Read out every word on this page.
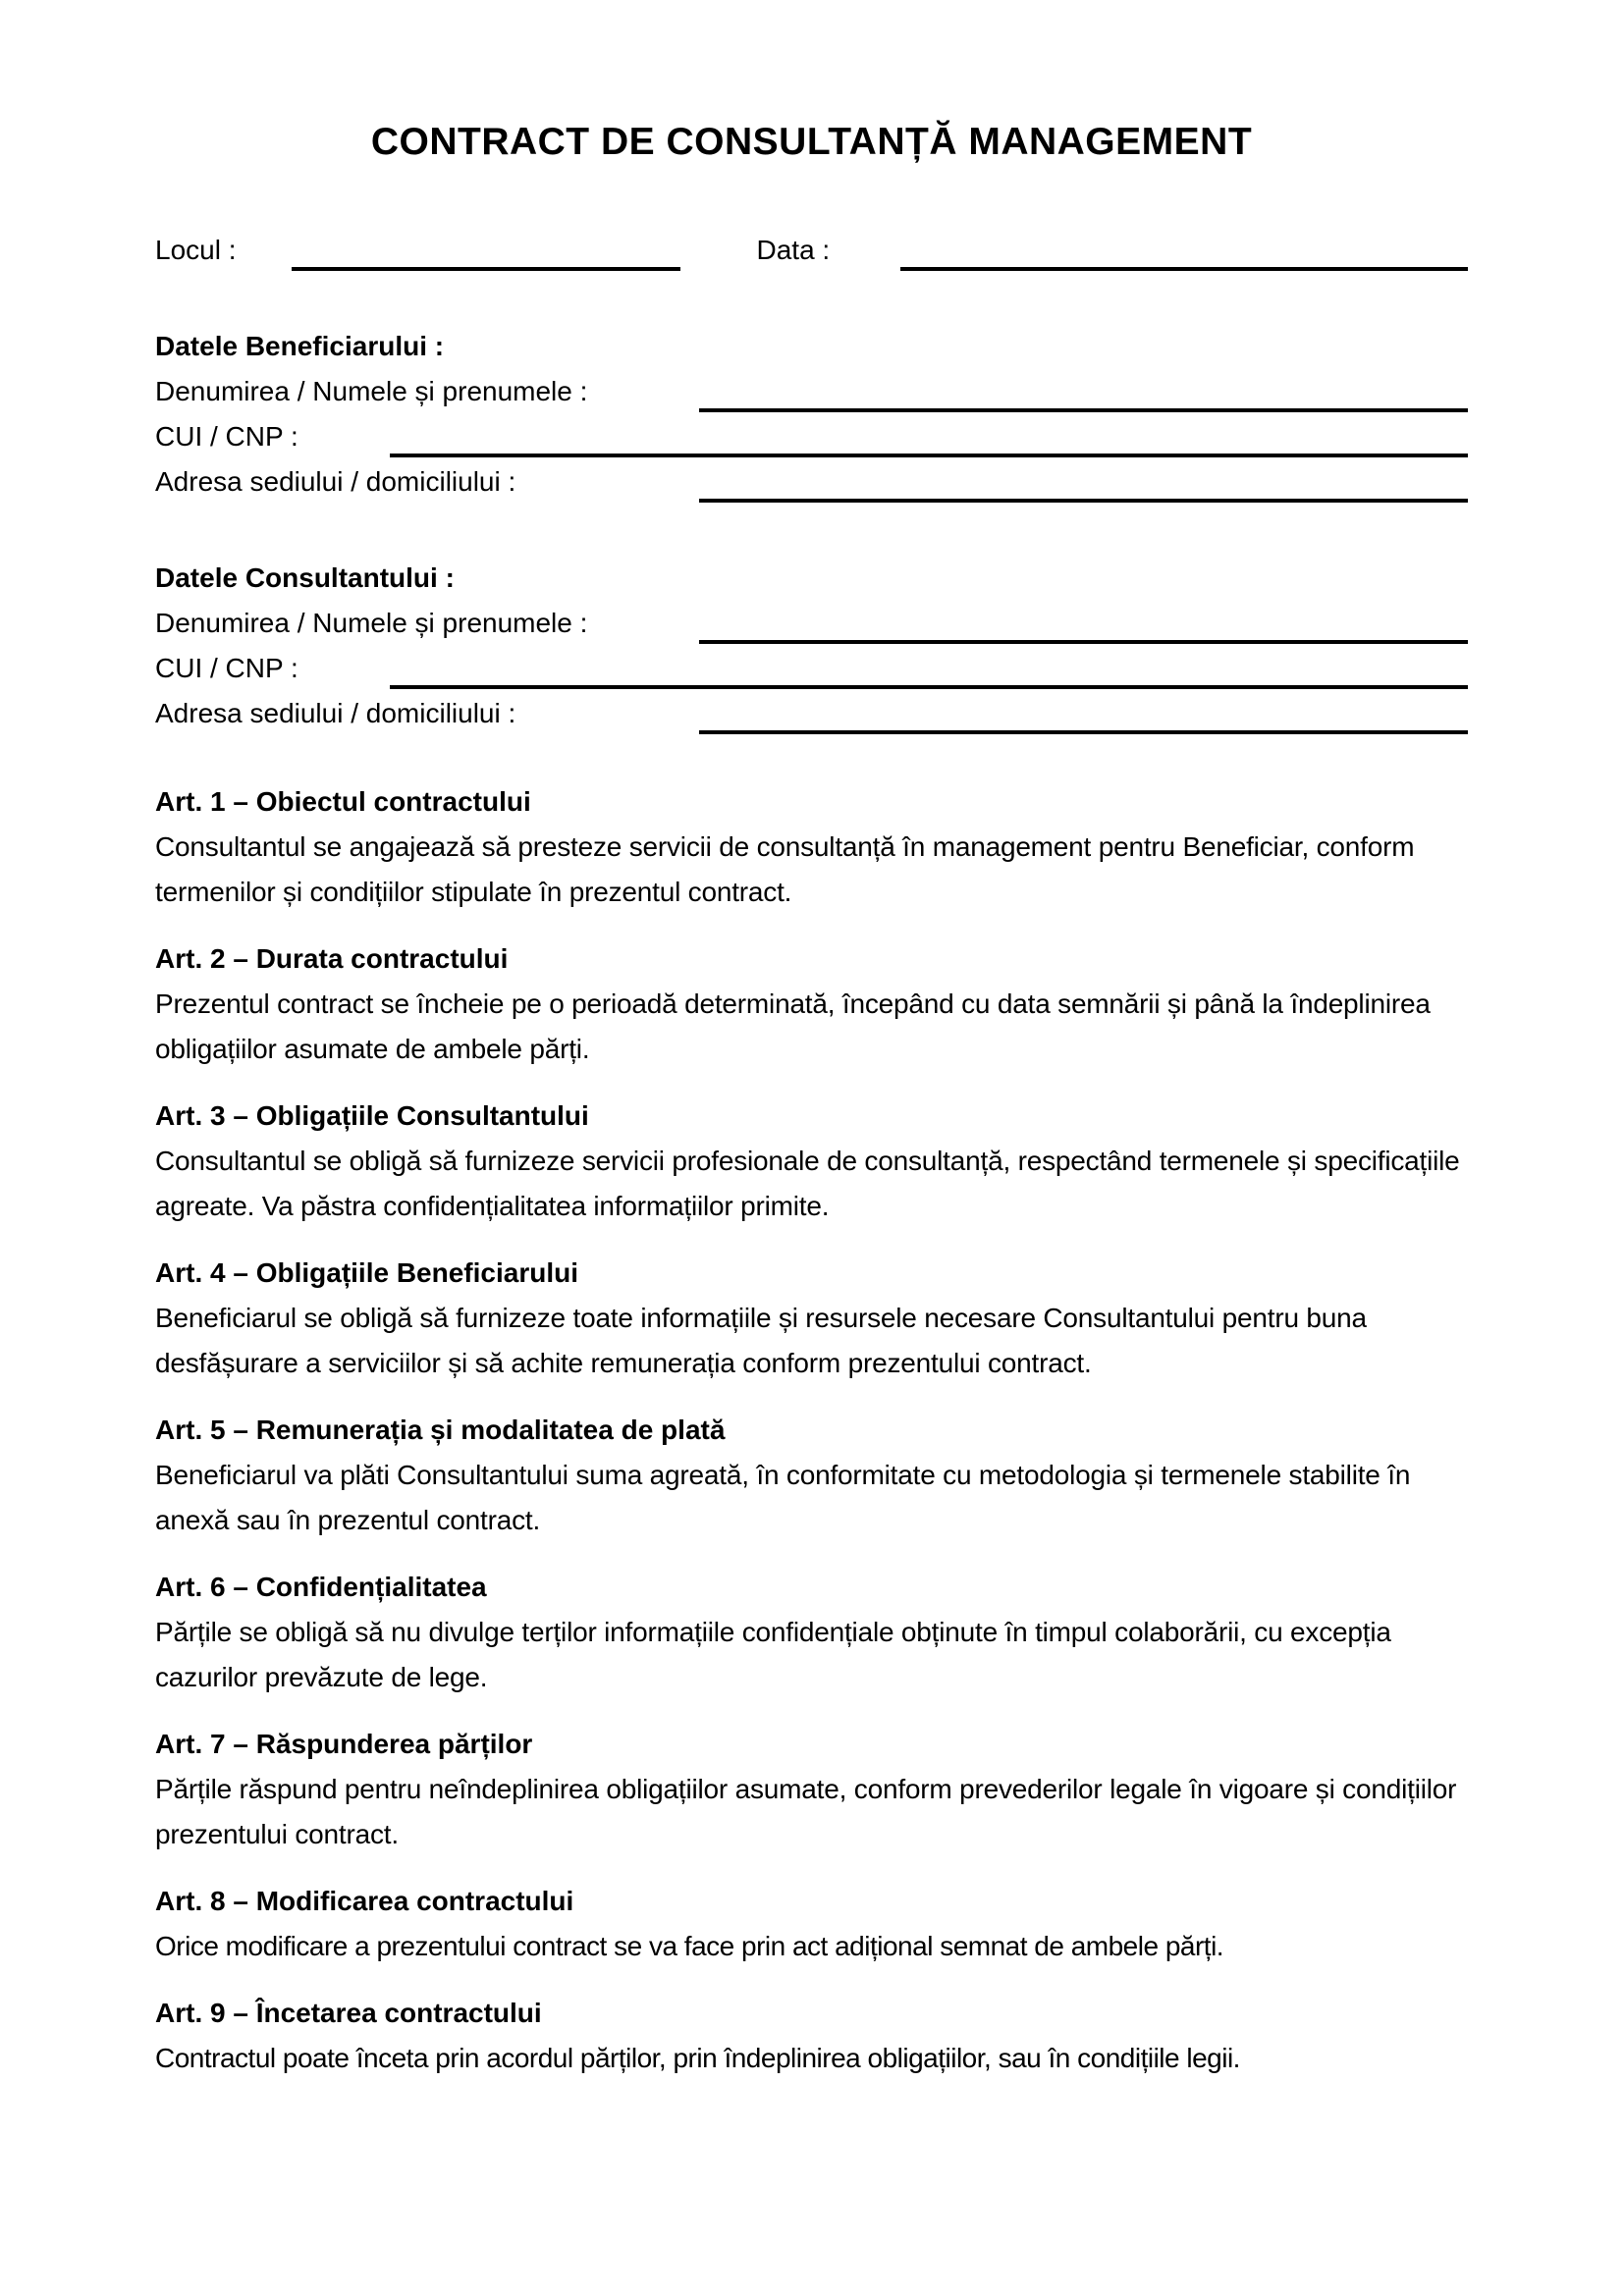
CONTRACT DE CONSULTANȚĂ MANAGEMENT
Locul :	Data :
Datele Beneficiarului :
Denumirea / Numele și prenumele :
CUI / CNP :
Adresa sediului / domiciliului :
Datele Consultantului :
Denumirea / Numele și prenumele :
CUI / CNP :
Adresa sediului / domiciliului :
Art. 1 – Obiectul contractului

Consultantul se angajează să presteze servicii de consultanță în management pentru Beneficiar, conform termenilor și condițiilor stipulate în prezentul contract.

Art. 2 – Durata contractului

Prezentul contract se încheie pe o perioadă determinată, începând cu data semnării și până la îndeplinirea obligațiilor asumate de ambele părți.

Art. 3 – Obligațiile Consultantului

Consultantul se obligă să furnizeze servicii profesionale de consultanță, respectând termenele și specificațiile agreate. Va păstra confidențialitatea informațiilor primite.

Art. 4 – Obligațiile Beneficiarului

Beneficiarul se obligă să furnizeze toate informațiile și resursele necesare Consultantului pentru buna desfășurare a serviciilor și să achite remunerația conform prezentului contract.

Art. 5 – Remunerația și modalitatea de plată

Beneficiarul va plăti Consultantului suma agreată, în conformitate cu metodologia și termenele stabilite în anexă sau în prezentul contract.

Art. 6 – Confidențialitatea

Părțile se obligă să nu divulge terților informațiile confidențiale obținute în timpul colaborării, cu excepția cazurilor prevăzute de lege.

Art. 7 – Răspunderea părților

Părțile răspund pentru neîndeplinirea obligațiilor asumate, conform prevederilor legale în vigoare și condițiilor prezentului contract.

Art. 8 – Modificarea contractului

Orice modificare a prezentului contract se va face prin act adițional semnat de ambele părți.

Art. 9 – Încetarea contractului

Contractul poate înceta prin acordul părților, prin îndeplinirea obligațiilor, sau în condițiile legii.
